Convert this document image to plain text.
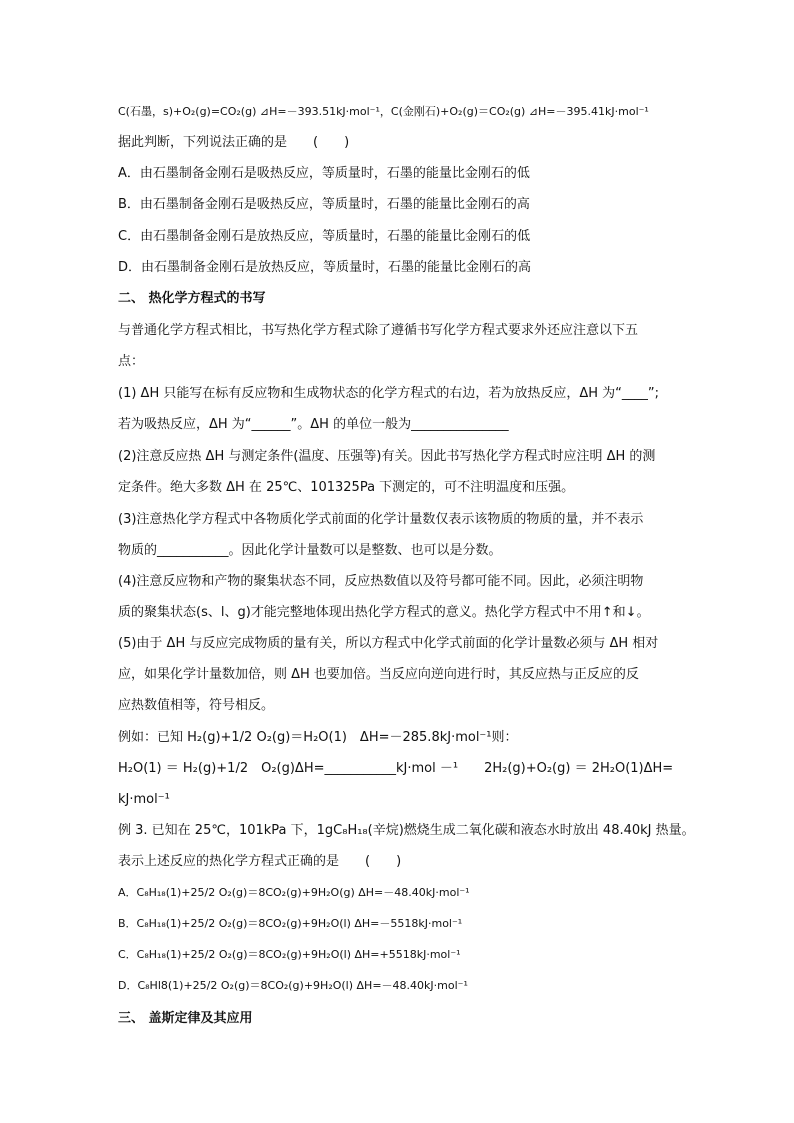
C(石墨，s)+O₂(g)=CO₂(g) ⊿H=－393.51kJ·mol⁻¹，C(金刚石)+O₂(g)＝CO₂(g) ⊿H=－395.41kJ·mol⁻¹
据此判断，下列说法正确的是　　(　　)
A．由石墨制备金刚石是吸热反应，等质量时，石墨的能量比金刚石的低
B．由石墨制备金刚石是吸热反应，等质量时，石墨的能量比金刚石的高
C．由石墨制备金刚石是放热反应，等质量时，石墨的能量比金刚石的低
D．由石墨制备金刚石是放热反应，等质量时，石墨的能量比金刚石的高
二、 热化学方程式的书写
与普通化学方程式相比，书写热化学方程式除了遵循书写化学方程式要求外还应注意以下五
点：
(1) ΔH 只能写在标有反应物和生成物状态的化学方程式的右边，若为放热反应，ΔH 为“____”;
若为吸热反应，ΔH 为“______”。ΔH 的单位一般为_______________
(2)注意反应热 ΔH 与测定条件(温度、压强等)有关。因此书写热化学方程式时应注明 ΔH 的测
定条件。绝大多数 ΔH 在 25℃、101325Pa 下测定的，可不注明温度和压强。
(3)注意热化学方程式中各物质化学式前面的化学计量数仅表示该物质的物质的量，并不表示
物质的___________。因此化学计量数可以是整数、也可以是分数。
(4)注意反应物和产物的聚集状态不同，反应热数值以及符号都可能不同。因此，必须注明物
质的聚集状态(s、l、g)才能完整地体现出热化学方程式的意义。热化学方程式中不用↑和↓。
(5)由于 ΔH 与反应完成物质的量有关，所以方程式中化学式前面的化学计量数必须与 ΔH 相对
应，如果化学计量数加倍，则 ΔH 也要加倍。当反应向逆向进行时，其反应热与正反应的反
应热数值相等，符号相反。
例如：已知 H₂(g)+1/2 O₂(g)＝H₂O(1)　ΔH=－285.8kJ·mol⁻¹则：
H₂O(1) ＝ H₂(g)+1/2　O₂(g)ΔH=___________kJ·mol －¹　　2H₂(g)+O₂(g) ＝ 2H₂O(1)ΔH=
kJ·mol⁻¹
例 3. 已知在 25℃，101kPa 下，1gC₈H₁₈(辛烷)燃烧生成二氧化碳和液态水时放出 48.40kJ 热量。
表示上述反应的热化学方程式正确的是　　(　　)
A．C₈H₁₈(1)+25/2 O₂(g)＝8CO₂(g)+9H₂O(g) ΔH=－48.40kJ·mol⁻¹
B．C₈H₁₈(1)+25/2 O₂(g)＝8CO₂(g)+9H₂O(l) ΔH=－5518kJ·mol⁻¹
C．C₈H₁₈(1)+25/2 O₂(g)＝8CO₂(g)+9H₂O(l) ΔH=+5518kJ·mol⁻¹
D．C₈Hl8(1)+25/2 O₂(g)＝8CO₂(g)+9H₂O(l) ΔH=－48.40kJ·mol⁻¹
三、 盖斯定律及其应用
